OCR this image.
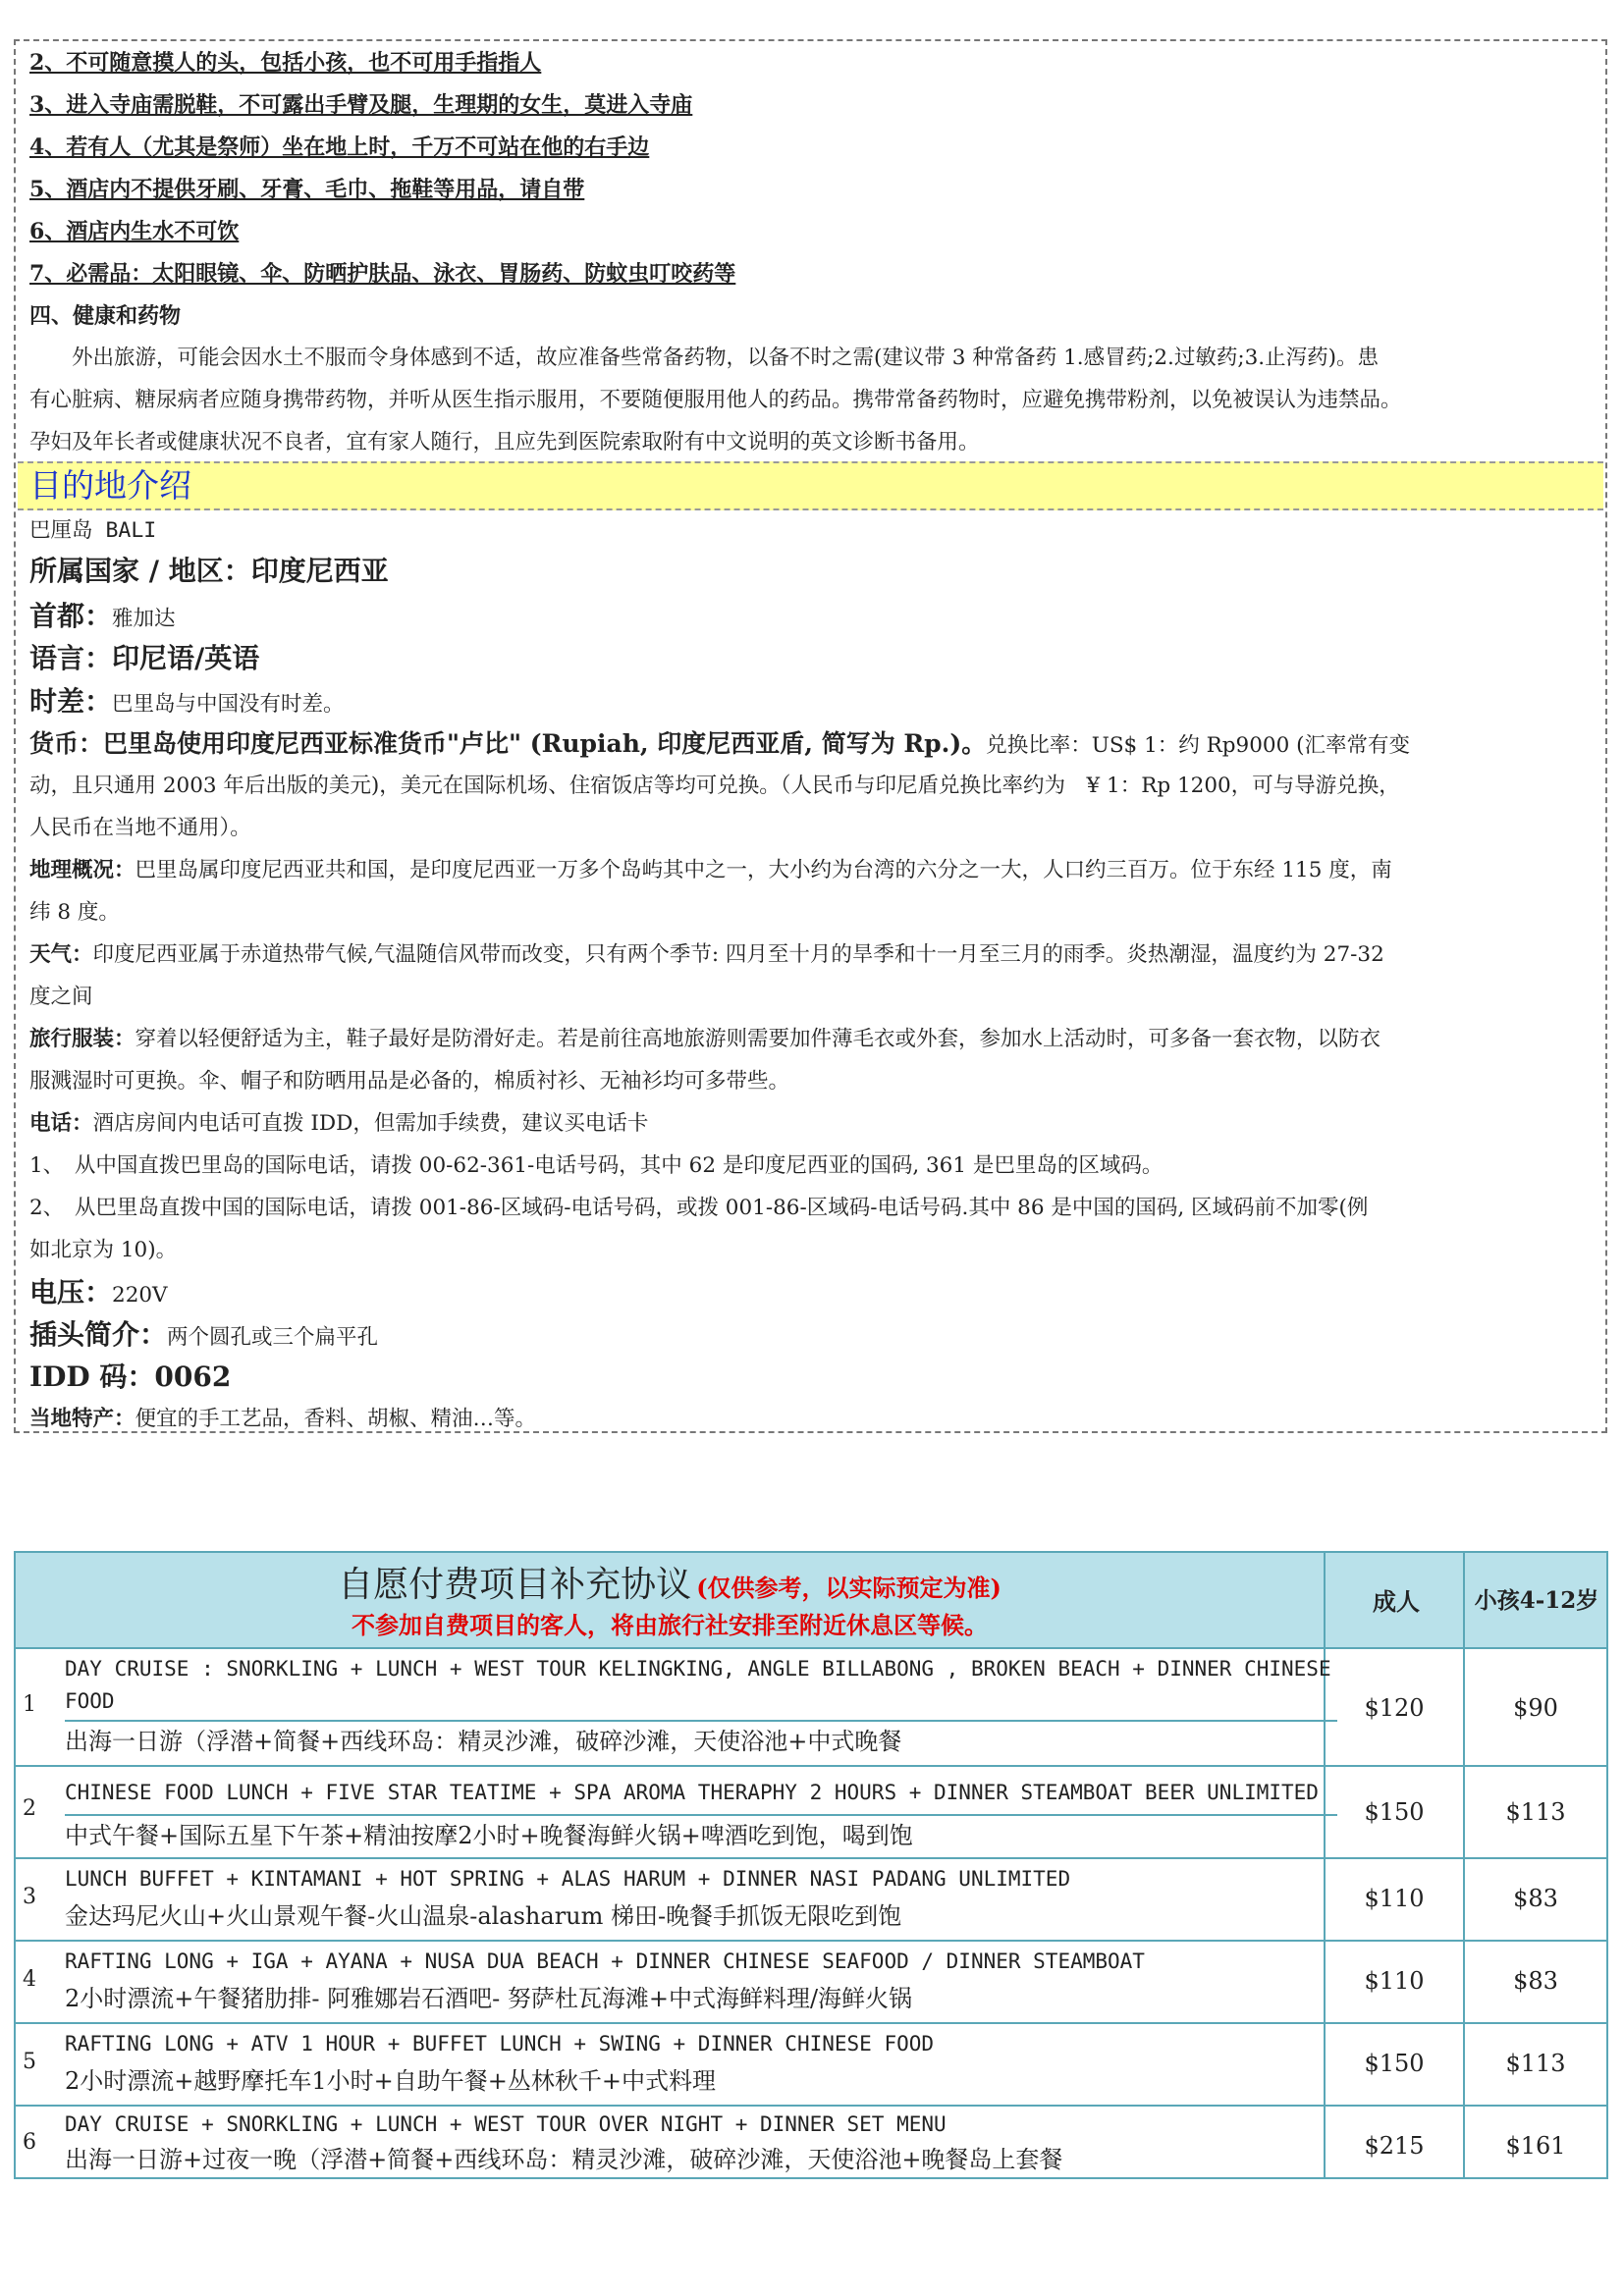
2、不可随意摸人的头，包括小孩，也不可用手指指人
3、进入寺庙需脱鞋，不可露出手臂及腿，生理期的女生，莫进入寺庙
4、若有人（尤其是祭师）坐在地上时，千万不可站在他的右手边
5、酒店内不提供牙刷、牙膏、毛巾、拖鞋等用品，请自带
6、酒店内生水不可饮
7、必需品：太阳眼镜、伞、防晒护肤品、泳衣、胃肠药、防蚊虫叮咬药等
四、健康和药物
　　外出旅游，可能会因水土不服而令身体感到不适，故应准备些常备药物，以备不时之需(建议带 3 种常备药 1.感冒药;2.过敏药;3.止泻药)。患
有心脏病、糖尿病者应随身携带药物，并听从医生指示服用，不要随便服用他人的药品。携带常备药物时，应避免携带粉剂，以免被误认为违禁品。
孕妇及年长者或健康状况不良者，宜有家人随行，且应先到医院索取附有中文说明的英文诊断书备用。
目的地介绍
巴厘岛 BALI
所属国家 / 地区：印度尼西亚
首都：雅加达
语言：印尼语/英语
时差：巴里岛与中国没有时差。
货币：巴里岛使用印度尼西亚标准货币"卢比" (Rupiah, 印度尼西亚盾, 简写为 Rp.)。兑换比率：US$ 1：约 Rp9000 (汇率常有变
动，且只通用 2003 年后出版的美元)，美元在国际机场、住宿饭店等均可兑换。（人民币与印尼盾兑换比率约为　¥ 1：Rp 1200，可与导游兑换，
人民币在当地不通用）。
地理概况：巴里岛属印度尼西亚共和国，是印度尼西亚一万多个岛屿其中之一，大小约为台湾的六分之一大，人口约三百万。位于东经 115 度，南
纬 8 度。
天气：印度尼西亚属于赤道热带气候,气温随信风带而改变，只有两个季节: 四月至十月的旱季和十一月至三月的雨季。炎热潮湿，温度约为 27-32
度之间
旅行服装：穿着以轻便舒适为主，鞋子最好是防滑好走。若是前往高地旅游则需要加件薄毛衣或外套，参加水上活动时，可多备一套衣物，以防衣
服溅湿时可更换。伞、帽子和防晒用品是必备的，棉质衬衫、无袖衫均可多带些。
电话：酒店房间内电话可直拨 IDD，但需加手续费，建议买电话卡
1、　从中国直拨巴里岛的国际电话，请拨 00-62-361-电话号码，其中 62 是印度尼西亚的国码, 361 是巴里岛的区域码。
2、　从巴里岛直拨中国的国际电话，请拨 001-86-区域码-电话号码，或拨 001-86-区域码-电话号码.其中 86 是中国的国码, 区域码前不加零(例
如北京为 10)。
电压：220V
插头简介：两个圆孔或三个扁平孔
IDD 码：0062
当地特产：便宜的手工艺品，香料、胡椒、精油…等。
自愿付费项目补充协议 (仅供参考，以实际预定为准)
不参加自费项目的客人，将由旅行社安排至附近休息区等候。
成人	小孩4-12岁
1
DAY CRUISE : SNORKLING + LUNCH + WEST TOUR KELINGKING, ANGLE BILLABONG , BROKEN BEACH + DINNER CHINESE
FOOD
出海一日游（浮潜+简餐+西线环岛：精灵沙滩，破碎沙滩，天使浴池+中式晚餐
$120	$90
2
CHINESE FOOD LUNCH + FIVE STAR TEATIME + SPA AROMA THERAPHY 2 HOURS + DINNER STEAMBOAT BEER UNLIMITED
中式午餐+国际五星下午茶+精油按摩2小时+晚餐海鲜火锅+啤酒吃到饱，喝到饱
$150	$113
3
LUNCH BUFFET + KINTAMANI + HOT SPRING + ALAS HARUM + DINNER NASI PADANG UNLIMITED
金达玛尼火山+火山景观午餐-火山温泉-alasharum 梯田-晚餐手抓饭无限吃到饱
$110	$83
4
RAFTING LONG + IGA + AYANA + NUSA DUA BEACH + DINNER CHINESE SEAFOOD / DINNER STEAMBOAT
2小时漂流+午餐猪肋排- 阿雅娜岩石酒吧- 努萨杜瓦海滩+中式海鲜料理/海鲜火锅
$110	$83
5
RAFTING LONG + ATV 1 HOUR + BUFFET LUNCH + SWING + DINNER CHINESE FOOD
2小时漂流+越野摩托车1小时+自助午餐+丛林秋千+中式料理
$150	$113
6
DAY CRUISE + SNORKLING + LUNCH + WEST TOUR OVER NIGHT + DINNER SET MENU
出海一日游+过夜一晚（浮潜+简餐+西线环岛：精灵沙滩，破碎沙滩，天使浴池+晚餐岛上套餐	$215	$161
